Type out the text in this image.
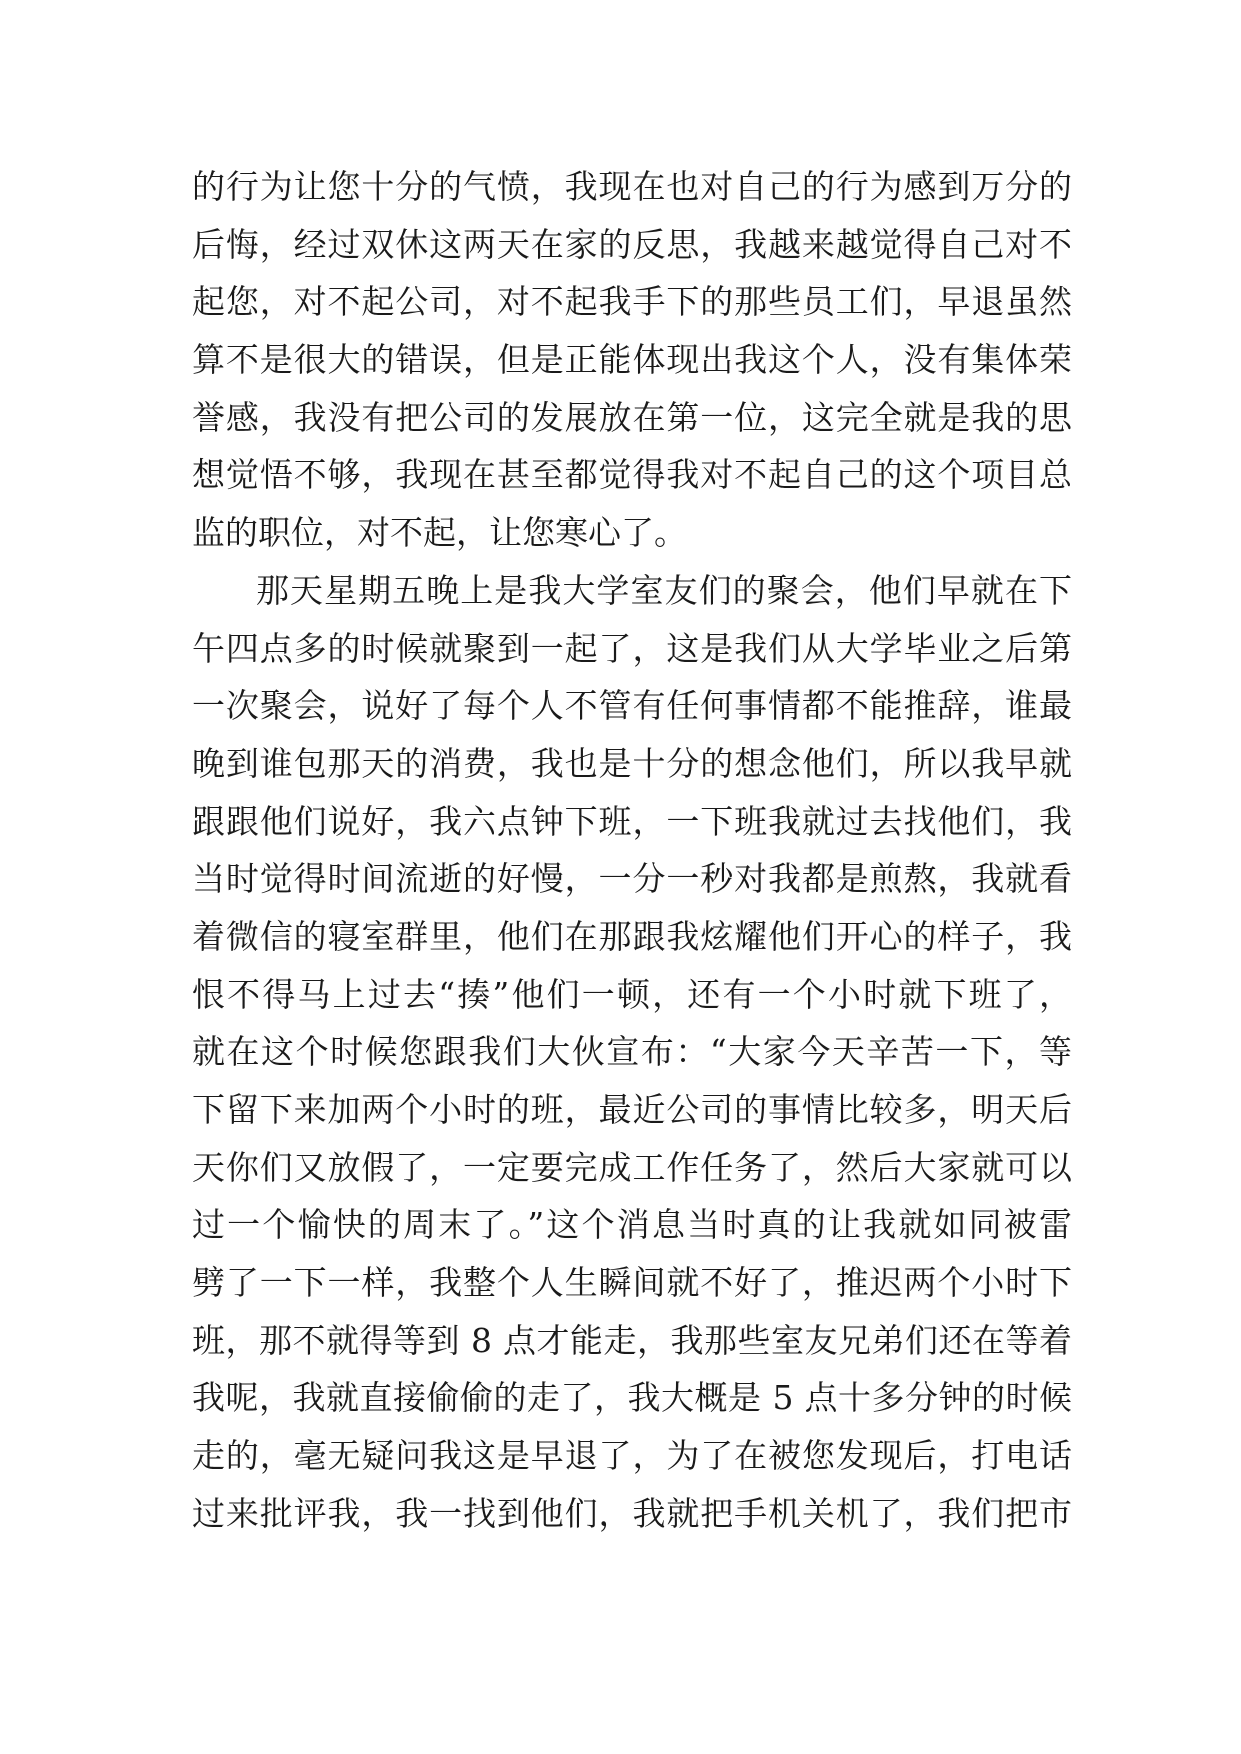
的行为让您十分的气愤，我现在也对自己的行为感到万分的
后悔，经过双休这两天在家的反思，我越来越觉得自己对不
起您，对不起公司，对不起我手下的那些员工们，早退虽然
算不是很大的错误，但是正能体现出我这个人，没有集体荣
誉感，我没有把公司的发展放在第一位，这完全就是我的思
想觉悟不够，我现在甚至都觉得我对不起自己的这个项目总
监的职位，对不起，让您寒心了。
那天星期五晚上是我大学室友们的聚会，他们早就在下
午四点多的时候就聚到一起了，这是我们从大学毕业之后第
一次聚会，说好了每个人不管有任何事情都不能推辞，谁最
晚到谁包那天的消费，我也是十分的想念他们，所以我早就
跟跟他们说好，我六点钟下班，一下班我就过去找他们，我
当时觉得时间流逝的好慢，一分一秒对我都是煎熬，我就看
着微信的寝室群里，他们在那跟我炫耀他们开心的样子，我
恨不得马上过去“揍”他们一顿，还有一个小时就下班了，
就在这个时候您跟我们大伙宣布：“大家今天辛苦一下，等
下留下来加两个小时的班，最近公司的事情比较多，明天后
天你们又放假了，一定要完成工作任务了，然后大家就可以
过一个愉快的周末了。”这个消息当时真的让我就如同被雷
劈了一下一样，我整个人生瞬间就不好了，推迟两个小时下
班，那不就得等到 8 点才能走，我那些室友兄弟们还在等着
我呢，我就直接偷偷的走了，我大概是 5 点十多分钟的时候
走的，毫无疑问我这是早退了，为了在被您发现后，打电话
过来批评我，我一找到他们，我就把手机关机了，我们把市
